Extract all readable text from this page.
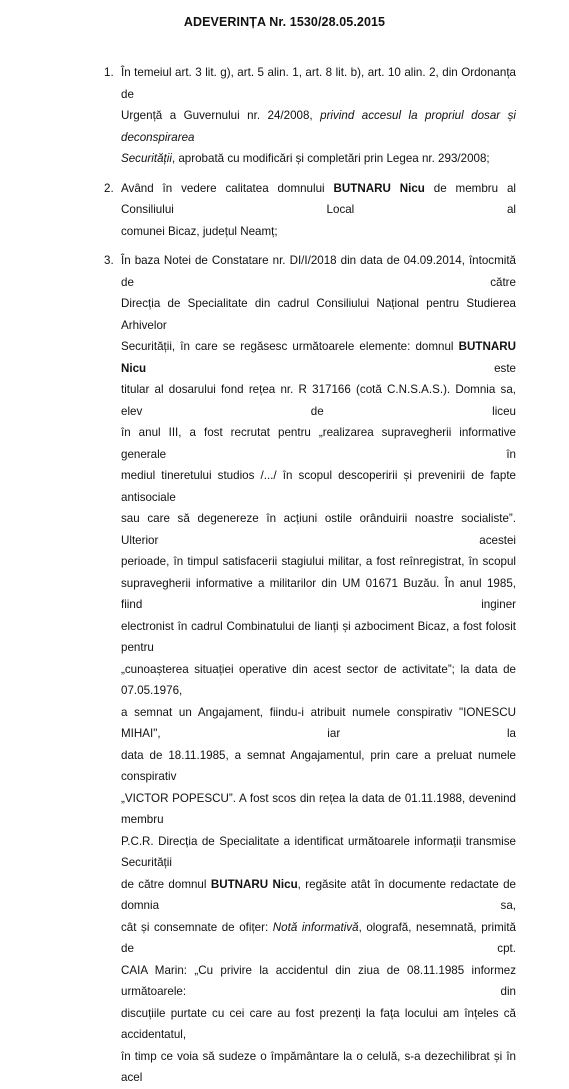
ADEVERINȚA Nr. 1530/28.05.2015
1. În temeiul art. 3 lit. g), art. 5 alin. 1, art. 8 lit. b), art. 10 alin. 2, din Ordonanța de
Urgență a Guvernului nr. 24/2008, privind accesul la propriul dosar și deconspirarea
Securității, aprobată cu modificări și completări prin Legea nr. 293/2008;
2. Având în vedere calitatea domnului BUTNARU Nicu de membru al Consiliului Local al
comunei Bicaz, județul Neamț;
3. În baza Notei de Constatare nr. DI/I/2018 din data de 04.09.2014, întocmită de către
Direcția de Specialitate din cadrul Consiliului Național pentru Studierea Arhivelor
Securității, în care se regăsesc următoarele elemente: domnul BUTNARU Nicu este
titular al dosarului fond rețea nr. R 317166 (cotă C.N.S.A.S.). Domnia sa, elev de liceu
în anul III, a fost recrutat pentru „realizarea supravegherii informative generale în
mediul tineretului studios /.../ în scopul descoperirii și prevenirii de fapte antisociale
sau care să degenereze în acțiuni ostile orânduirii noastre socialiste”. Ulterior acestei
perioade, în timpul satisfacerii stagiului militar, a fost reînregistrat, în scopul
supravegherii informative a militarilor din UM 01671 Buzău. În anul 1985, fiind inginer
electronist în cadrul Combinatului de lianți și azbociment Bicaz, a fost folosit pentru
„cunoașterea situației operative din acest sector de activitate”; la data de 07.05.1976,
a semnat un Angajament, fiindu-i atribuit numele conspirativ "IONESCU MIHAI", iar la
data de 18.11.1985, a semnat Angajamentul, prin care a preluat numele conspirativ
„VICTOR POPESCU”. A fost scos din rețea la data de 01.11.1988, devenind membru
P.C.R. Direcția de Specialitate a identificat următoarele informații transmise Securității
de către domnul BUTNARU Nicu, regăsite atât în documente redactate de domnia sa,
cât și consemnate de ofițer: Notă informativă, olografă, nesemnată, primită de cpt.
CAIA Marin: „Cu privire la accidentul din ziua de 08.11.1985 informez următoarele: din
discuțiile purtate cu cei care au fost prezenți la fața locului am înțeles că accidentatul,
în timp ce voia să sudeze o împământare la o celulă, s-a dezechilibrat și în acel
